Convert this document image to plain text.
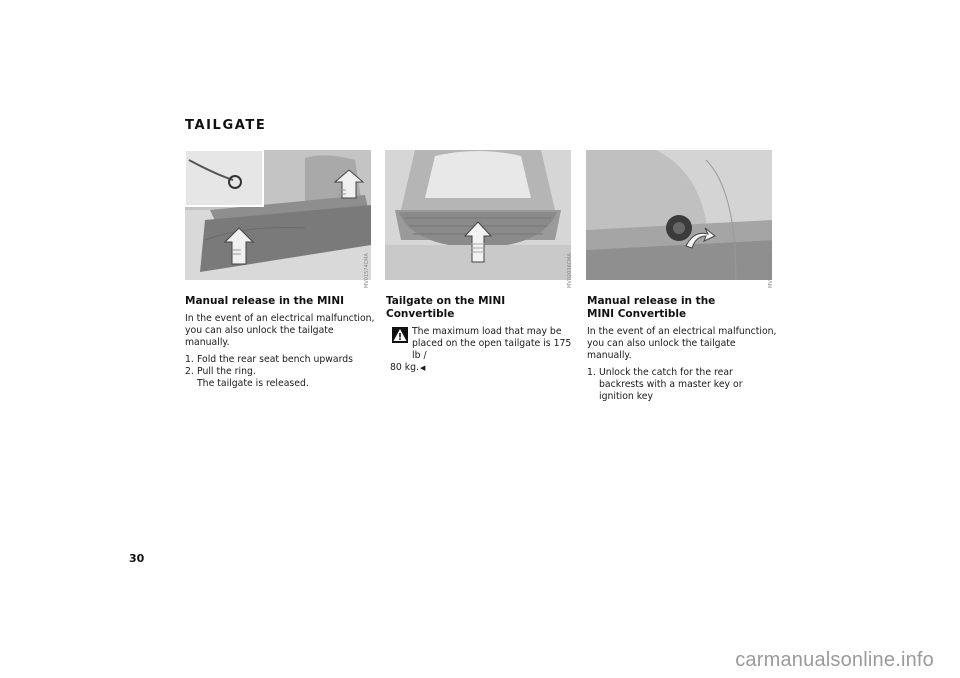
TAILGATE
MV01574CMA	MV02036CMA	MV02660CMA
Manual release in the MINI

In the event of an electrical malfunction, you can also unlock the tailgate manually.

1. Fold the rear seat bench upwards
2. Pull the ring.
The tailgate is released.
Tailgate on the MINI Convertible
The maximum load that may be
placed on the open tailgate is 175 lb /
80 kg.◀
Manual release in the MINI Convertible

In the event of an electrical malfunction, you can also unlock the tailgate manually.

1. Unlock the catch for the rear backrests with a master key or ignition key
30
carmanualsonline.info
